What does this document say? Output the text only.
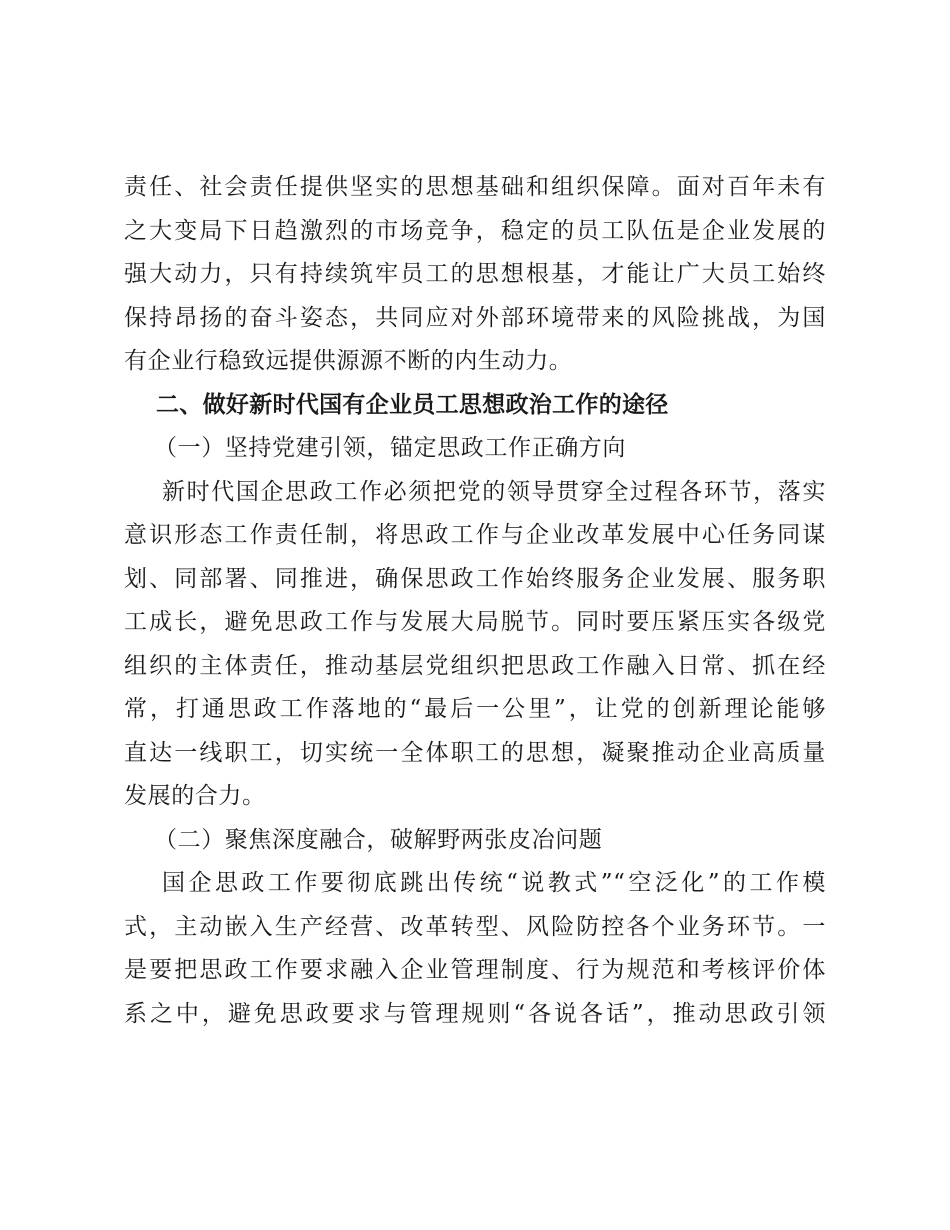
责任、社会责任提供坚实的思想基础和组织保障。面对百年未有
之大变局下日趋激烈的市场竞争，稳定的员工队伍是企业发展的
强大动力，只有持续筑牢员工的思想根基，才能让广大员工始终
保持昂扬的奋斗姿态，共同应对外部环境带来的风险挑战，为国
有企业行稳致远提供源源不断的内生动力。
二、做好新时代国有企业员工思想政治工作的途径
（一）坚持党建引领，锚定思政工作正确方向
新时代国企思政工作必须把党的领导贯穿全过程各环节，落实
意识形态工作责任制，将思政工作与企业改革发展中心任务同谋
划、同部署、同推进，确保思政工作始终服务企业发展、服务职
工成长，避免思政工作与发展大局脱节。同时要压紧压实各级党
组织的主体责任，推动基层党组织把思政工作融入日常、抓在经
常，打通思政工作落地的“最后一公里”，让党的创新理论能够
直达一线职工，切实统一全体职工的思想，凝聚推动企业高质量
发展的合力。
（二）聚焦深度融合，破解野两张皮冶问题
国企思政工作要彻底跳出传统“说教式”“空泛化”的工作模
式，主动嵌入生产经营、改革转型、风险防控各个业务环节。一
是要把思政工作要求融入企业管理制度、行为规范和考核评价体
系之中，避免思政要求与管理规则“各说各话”，推动思政引领
